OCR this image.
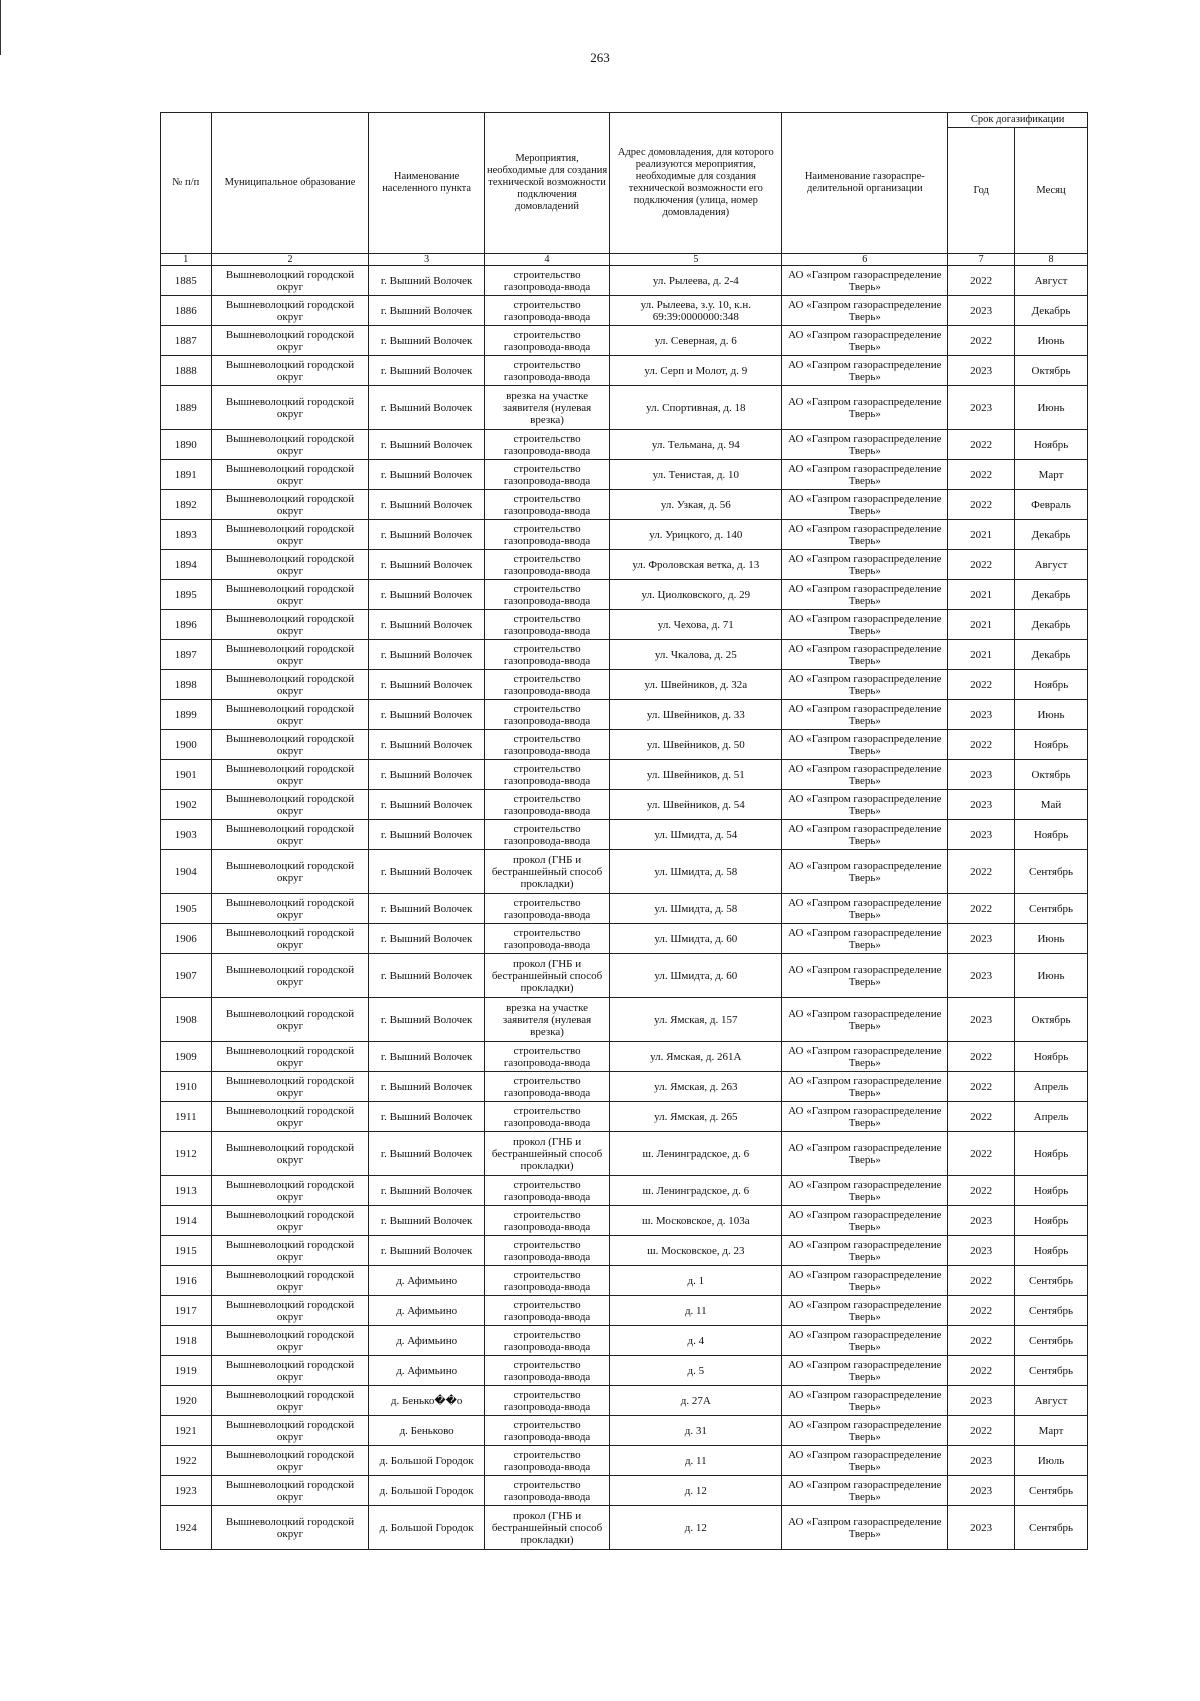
263
№ п/п	Муниципальное образование	Наименование населенного пункта	Мероприятия, необходимые для создания технической возможности подключения домовладений	Адрес домовладения, для которого реализуются мероприятия, необходимые для создания технической возможности его подключения (улица, номер домовладения)	Наименование газораспре-делительной организации	Срок догазификации	
						Год	Месяц
1	2	3	4	5	6	7	8
1885	Вышневолоцкий городской округ	г. Вышний Волочек	строительство газопровода-ввода	ул. Рылеева, д. 2-4	АО «Газпром газораспределение Тверь»	2022	Август
1886	Вышневолоцкий городской округ	г. Вышний Волочек	строительство газопровода-ввода	ул. Рылеева, з.у. 10, к.н. 69:39:0000000:348	АО «Газпром газораспределение Тверь»	2023	Декабрь
1887	Вышневолоцкий городской округ	г. Вышний Волочек	строительство газопровода-ввода	ул. Северная, д. 6	АО «Газпром газораспределение Тверь»	2022	Июнь
1888	Вышневолоцкий городской округ	г. Вышний Волочек	строительство газопровода-ввода	ул. Серп и Молот, д. 9	АО «Газпром газораспределение Тверь»	2023	Октябрь
1889	Вышневолоцкий городской округ	г. Вышний Волочек	врезка на участке заявителя (нулевая врезка)	ул. Спортивная, д. 18	АО «Газпром газораспределение Тверь»	2023	Июнь
1890	Вышневолоцкий городской округ	г. Вышний Волочек	строительство газопровода-ввода	ул. Тельмана, д. 94	АО «Газпром газораспределение Тверь»	2022	Ноябрь
1891	Вышневолоцкий городской округ	г. Вышний Волочек	строительство газопровода-ввода	ул. Тенистая, д. 10	АО «Газпром газораспределение Тверь»	2022	Март
1892	Вышневолоцкий городской округ	г. Вышний Волочек	строительство газопровода-ввода	ул. Узкая, д. 56	АО «Газпром газораспределение Тверь»	2022	Февраль
1893	Вышневолоцкий городской округ	г. Вышний Волочек	строительство газопровода-ввода	ул. Урицкого, д. 140	АО «Газпром газораспределение Тверь»	2021	Декабрь
1894	Вышневолоцкий городской округ	г. Вышний Волочек	строительство газопровода-ввода	ул. Фроловская ветка, д. 13	АО «Газпром газораспределение Тверь»	2022	Август
1895	Вышневолоцкий городской округ	г. Вышний Волочек	строительство газопровода-ввода	ул. Циолковского, д. 29	АО «Газпром газораспределение Тверь»	2021	Декабрь
1896	Вышневолоцкий городской округ	г. Вышний Волочек	строительство газопровода-ввода	ул. Чехова, д. 71	АО «Газпром газораспределение Тверь»	2021	Декабрь
1897	Вышневолоцкий городской округ	г. Вышний Волочек	строительство газопровода-ввода	ул. Чкалова, д. 25	АО «Газпром газораспределение Тверь»	2021	Декабрь
1898	Вышневолоцкий городской округ	г. Вышний Волочек	строительство газопровода-ввода	ул. Швейников, д. 32а	АО «Газпром газораспределение Тверь»	2022	Ноябрь
1899	Вышневолоцкий городской округ	г. Вышний Волочек	строительство газопровода-ввода	ул. Швейников, д. 33	АО «Газпром газораспределение Тверь»	2023	Июнь
1900	Вышневолоцкий городской округ	г. Вышний Волочек	строительство газопровода-ввода	ул. Швейников, д. 50	АО «Газпром газораспределение Тверь»	2022	Ноябрь
1901	Вышневолоцкий городской округ	г. Вышний Волочек	строительство газопровода-ввода	ул. Швейников, д. 51	АО «Газпром газораспределение Тверь»	2023	Октябрь
1902	Вышневолоцкий городской округ	г. Вышний Волочек	строительство газопровода-ввода	ул. Швейников, д. 54	АО «Газпром газораспределение Тверь»	2023	Май
1903	Вышневолоцкий городской округ	г. Вышний Волочек	строительство газопровода-ввода	ул. Шмидта, д. 54	АО «Газпром газораспределение Тверь»	2023	Ноябрь
1904	Вышневолоцкий городской округ	г. Вышний Волочек	прокол (ГНБ и бестраншейный способ прокладки)	ул. Шмидта, д. 58	АО «Газпром газораспределение Тверь»	2022	Сентябрь
1905	Вышневолоцкий городской округ	г. Вышний Волочек	строительство газопровода-ввода	ул. Шмидта, д. 58	АО «Газпром газораспределение Тверь»	2022	Сентябрь
1906	Вышневолоцкий городской округ	г. Вышний Волочек	строительство газопровода-ввода	ул. Шмидта, д. 60	АО «Газпром газораспределение Тверь»	2023	Июнь
1907	Вышневолоцкий городской округ	г. Вышний Волочек	прокол (ГНБ и бестраншейный способ прокладки)	ул. Шмидта, д. 60	АО «Газпром газораспределение Тверь»	2023	Июнь
1908	Вышневолоцкий городской округ	г. Вышний Волочек	врезка на участке заявителя (нулевая врезка)	ул. Ямская, д. 157	АО «Газпром газораспределение Тверь»	2023	Октябрь
1909	Вышневолоцкий городской округ	г. Вышний Волочек	строительство газопровода-ввода	ул. Ямская, д. 261А	АО «Газпром газораспределение Тверь»	2022	Ноябрь
1910	Вышневолоцкий городской округ	г. Вышний Волочек	строительство газопровода-ввода	ул. Ямская, д. 263	АО «Газпром газораспределение Тверь»	2022	Апрель
1911	Вышневолоцкий городской округ	г. Вышний Волочек	строительство газопровода-ввода	ул. Ямская, д. 265	АО «Газпром газораспределение Тверь»	2022	Апрель
1912	Вышневолоцкий городской округ	г. Вышний Волочек	прокол (ГНБ и бестраншейный способ прокладки)	ш. Ленинградское, д. 6	АО «Газпром газораспределение Тверь»	2022	Ноябрь
1913	Вышневолоцкий городской округ	г. Вышний Волочек	строительство газопровода-ввода	ш. Ленинградское, д. 6	АО «Газпром газораспределение Тверь»	2022	Ноябрь
1914	Вышневолоцкий городской округ	г. Вышний Волочек	строительство газопровода-ввода	ш. Московское, д. 103а	АО «Газпром газораспределение Тверь»	2023	Ноябрь
1915	Вышневолоцкий городской округ	г. Вышний Волочек	строительство газопровода-ввода	ш. Московское, д. 23	АО «Газпром газораспределение Тверь»	2023	Ноябрь
1916	Вышневолоцкий городской округ	д. Афимьино	строительство газопровода-ввода	д. 1	АО «Газпром газораспределение Тверь»	2022	Сентябрь
1917	Вышневолоцкий городской округ	д. Афимьино	строительство газопровода-ввода	д. 11	АО «Газпром газораспределение Тверь»	2022	Сентябрь
1918	Вышневолоцкий городской округ	д. Афимьино	строительство газопровода-ввода	д. 4	АО «Газпром газораспределение Тверь»	2022	Сентябрь
1919	Вышневолоцкий городской округ	д. Афимьино	строительство газопровода-ввода	д. 5	АО «Газпром газораспределение Тверь»	2022	Сентябрь
1920	Вышневолоцкий городской округ	д. Бенько��о	строительство газопровода-ввода	д. 27А	АО «Газпром газораспределение Тверь»	2023	Август
1921	Вышневолоцкий городской округ	д. Беньково	строительство газопровода-ввода	д. 31	АО «Газпром газораспределение Тверь»	2022	Март
1922	Вышневолоцкий городской округ	д. Большой Городок	строительство газопровода-ввода	д. 11	АО «Газпром газораспределение Тверь»	2023	Июль
1923	Вышневолоцкий городской округ	д. Большой Городок	строительство газопровода-ввода	д. 12	АО «Газпром газораспределение Тверь»	2023	Сентябрь
1924	Вышневолоцкий городской округ	д. Большой Городок	прокол (ГНБ и бестраншейный способ прокладки)	д. 12	АО «Газпром газораспределение Тверь»	2023	Сентябрь
